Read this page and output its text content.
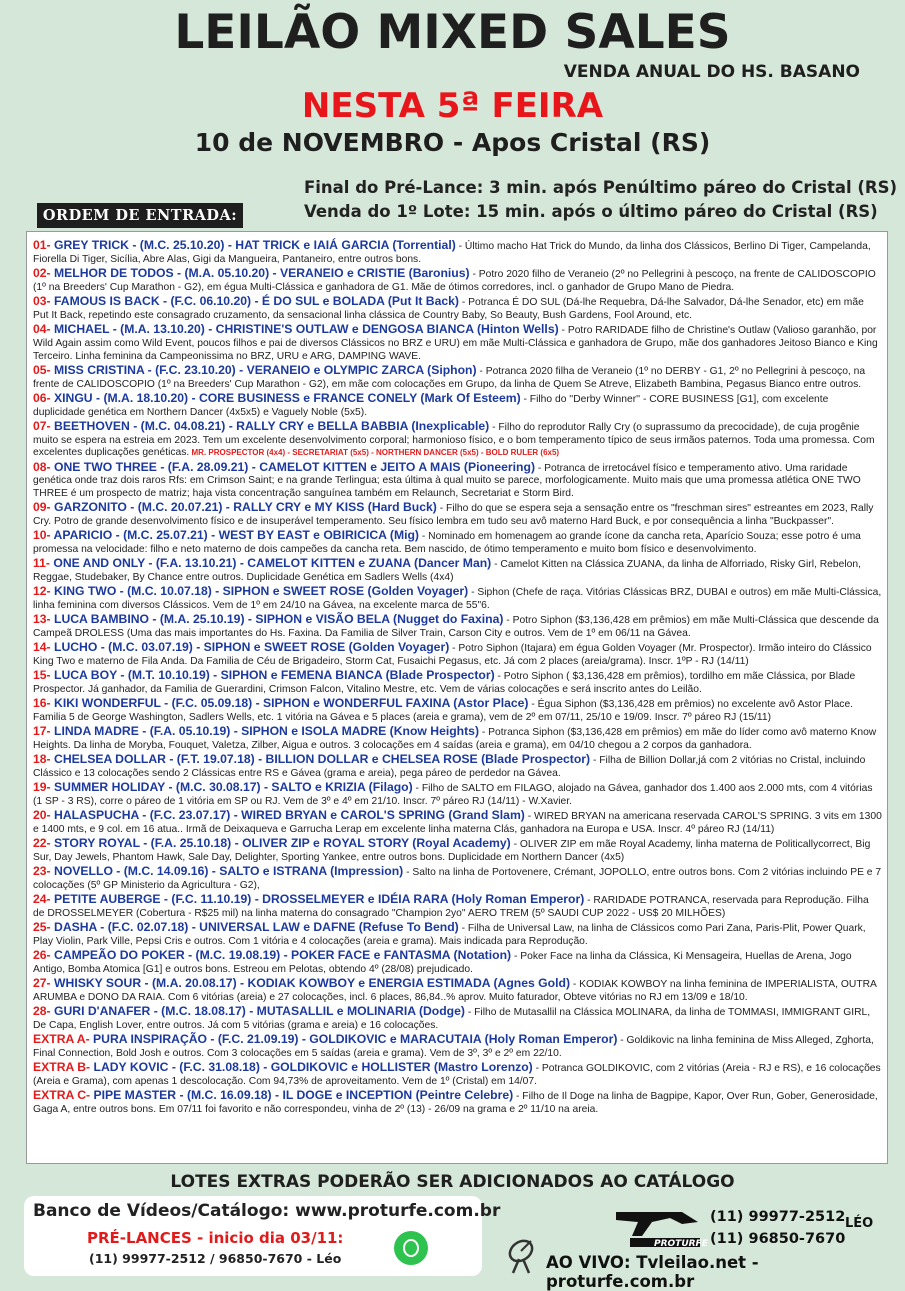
LEILÃO MIXED SALES
VENDA ANUAL DO HS. BASANO
NESTA 5ª FEIRA
10 de NOVEMBRO - Apos Cristal (RS)
Final do Pré-Lance: 3 min. após Penúltimo páreo do Cristal (RS)
Venda do 1º Lote: 15 min. após o último páreo do Cristal (RS)
ORDEM DE ENTRADA:
01- GREY TRICK - (M.C. 25.10.20) - HAT TRICK e IAIÁ GARCIA (Torrential) - Último macho Hat Trick do Mundo, da linha dos Clássicos, Berlino Di Tiger, Campelanda, Fiorella Di Tiger, Sicília, Abre Alas, Gigi da Mangueira, Pantaneiro, entre outros bons.
02- MELHOR DE TODOS - (M.A. 05.10.20) - VERANEIO e CRISTIE (Baronius) - Potro 2020 filho de Veraneio (2º no Pellegrini à pescoço, na frente de CALIDOSCOPIO (1º na Breeders' Cup Marathon - G2), em égua Multi-Clássica e ganhadora de G1. Mãe de ótimos corredores, incl. o ganhador de Grupo Mano de Piedra.
03- FAMOUS IS BACK - (F.C. 06.10.20) - É DO SUL e BOLADA (Put It Back) - Potranca É DO SUL (Dá-lhe Requebra, Dá-lhe Salvador, Dá-lhe Senador, etc) em mãe Put It Back, repetindo este consagrado cruzamento, da sensacional linha clássica de Country Baby, So Beauty, Bush Gardens, Fool Around, etc.
04- MICHAEL - (M.A. 13.10.20) - CHRISTINE'S OUTLAW e DENGOSA BIANCA (Hinton Wells) - Potro RARIDADE filho de Christine's Outlaw (Valioso garanhão, por Wild Again assim como Wild Event, poucos filhos e pai de diversos Clássicos no BRZ e URU) em mãe Multi-Clássica e ganhadora de Grupo, mãe dos ganhadores Jeitoso Bianco e King Terceiro. Linha feminina da Campeonissima no BRZ, URU e ARG, DAMPING WAVE.
05- MISS CRISTINA - (F.C. 23.10.20) - VERANEIO e OLYMPIC ZARCA (Siphon) - Potranca 2020 filha de Veraneio (1º no DERBY - G1, 2º no Pellegrini à pescoço, na frente de CALIDOSCOPIO (1º na Breeders' Cup Marathon - G2), em mãe com colocações em Grupo, da linha de Quem Se Atreve, Elizabeth Bambina, Pegasus Bianco entre outros.
06- XINGU - (M.A. 18.10.20) - CORE BUSINESS e FRANCE CONELY (Mark Of Esteem) - Filho do ''Derby Winner'' - CORE BUSINESS [G1], com excelente duplicidade genética em Northern Dancer (4x5x5) e Vaguely Noble (5x5).
07- BEETHOVEN - (M.C. 04.08.21) - RALLY CRY e BELLA BABBIA (Inexplicable) - Filho do reprodutor Rally Cry (o suprassumo da precocidade), de cuja progênie muito se espera na estreia em 2023. Tem um excelente desenvolvimento corporal; harmonioso físico, e o bom temperamento típico de seus irmãos paternos. Toda uma promessa. Com excelentes duplicações genéticas. MR. PROSPECTOR (4x4) - SECRETARIAT (5x5) - NORTHERN DANCER (5x5) - BOLD RULER (6x5)
08- ONE TWO THREE - (F.A. 28.09.21) - CAMELOT KITTEN e JEITO A MAIS (Pioneering) - Potranca de irretocável físico e temperamento ativo. Uma raridade genética onde traz dois raros Rfs: em Crimson Saint; e na grande Terlingua; esta última à qual muito se parece, morfologicamente. Muito mais que uma promessa atlética ONE TWO THREE é um prospecto de matriz; haja vista concentração sanguínea também em Relaunch, Secretariat e Storm Bird.
09- GARZONITO - (M.C. 20.07.21) - RALLY CRY e MY KISS (Hard Buck) - Filho do que se espera seja a sensação entre os "freschman sires" estreantes em 2023, Rally Cry. Potro de grande desenvolvimento físico e de insuperável temperamento. Seu físico lembra em tudo seu avô materno Hard Buck, e por consequência a linha "Buckpasser".
10- APARICIO - (M.C. 25.07.21) - WEST BY EAST e OBIRICICA (Mig) - Nominado em homenagem ao grande ícone da cancha reta, Aparício Souza; esse potro é uma promessa na velocidade: filho e neto materno de dois campeões da cancha reta. Bem nascido, de ótimo temperamento e muito bom físico e desenvolvimento.
11- ONE AND ONLY - (F.A. 13.10.21) - CAMELOT KITTEN e ZUANA (Dancer Man) - Camelot Kitten na Clássica ZUANA, da linha de Alforriado, Risky Girl, Rebelon, Reggae, Studebaker, By Chance entre outros. Duplicidade Genética em Sadlers Wells (4x4)
12- KING TWO - (M.C. 10.07.18) - SIPHON e SWEET ROSE (Golden Voyager) - Siphon (Chefe de raça. Vitórias Clássicas BRZ, DUBAI e outros) em mãe Multi-Clássica, linha feminina com diversos Clássicos. Vem de 1º em 24/10 na Gávea, na excelente marca de 55"6.
13- LUCA BAMBINO - (M.A. 25.10.19) - SIPHON e VISÃO BELA (Nugget do Faxina) - Potro Siphon ($3,136,428 em prêmios) em mãe Multi-Clássica que descende da Campeã DROLESS (Uma das mais importantes do Hs. Faxina. Da Familia de Silver Train, Carson City e outros. Vem de 1º em 06/11 na Gávea.
14- LUCHO - (M.C. 03.07.19) - SIPHON e SWEET ROSE (Golden Voyager) - Potro Siphon (Itajara) em égua Golden Voyager (Mr. Prospector). Irmão inteiro do Clássico King Two e materno de Fila Anda. Da Familia de Céu de Brigadeiro, Storm Cat, Fusaichi Pegasus, etc. Já com 2 places (areia/grama). Inscr. 1ºP - RJ (14/11)
15- LUCA BOY - (M.T. 10.10.19) - SIPHON e FEMENA BIANCA (Blade Prospector) - Potro Siphon ( $3,136,428 em prêmios), tordilho em mãe Clássica, por Blade Prospector. Já ganhador, da Familia de Guerardini, Crimson Falcon, Vitalino Mestre, etc. Vem de várias colocações e será inscrito antes do Leilão.
16- KIKI WONDERFUL - (F.C. 05.09.18) - SIPHON e WONDERFUL FAXINA (Astor Place) - Égua Siphon ($3,136,428 em prêmios) no excelente avô Astor Place. Familia 5 de George Washington, Sadlers Wells, etc. 1 vitória na Gávea e 5 places (areia e grama), vem de 2º em 07/11, 25/10 e 19/09. Inscr. 7º páreo RJ (15/11)
17- LINDA MADRE - (F.A. 05.10.19) - SIPHON e ISOLA MADRE (Know Heights) - Potranca Siphon ($3,136,428 em prêmios) em mãe do líder como avô materno Know Heights. Da linha de Moryba, Fouquet, Valetza, Zilber, Aigua e outros. 3 colocações em 4 saídas (areia e grama), em 04/10 chegou a 2 corpos da ganhadora.
18- CHELSEA DOLLAR - (F.T. 19.07.18) - BILLION DOLLAR e CHELSEA ROSE (Blade Prospector) - Filha de Billion Dollar,já com 2 vitórias no Cristal, incluindo Clássico e 13 colocações sendo 2 Clássicas entre RS e Gávea (grama e areia), pega páreo de perdedor na Gávea.
19- SUMMER HOLIDAY - (M.C. 30.08.17) - SALTO e KRIZIA (Filago) - Filho de SALTO em FILAGO, alojado na Gávea, ganhador dos 1.400 aos 2.000 mts, com 4 vitórias (1 SP - 3 RS), corre o páreo de 1 vitória em SP ou RJ. Vem de 3º e 4º em 21/10. Inscr. 7º páreo RJ (14/11) - W.Xavier.
20- HALASPUCHA - (F.C. 23.07.17) - WIRED BRYAN e CAROL'S SPRING (Grand Slam) - WIRED BRYAN na americana reservada CAROL'S SPRING. 3 vits em 1300 e 1400 mts, e 9 col. em 16 atua.. Irmã de Deixaqueva e Garrucha Lerap em excelente linha materna Clás, ganhadora na Europa e USA. Inscr. 4º páreo RJ (14/11)
22- STORY ROYAL - (F.A. 25.10.18) - OLIVER ZIP e ROYAL STORY (Royal Academy) - OLIVER ZIP em mãe Royal Academy, linha materna de Politicallycorrect, Big Sur, Day Jewels, Phantom Hawk, Sale Day, Delighter, Sporting Yankee, entre outros bons. Duplicidade em Northern Dancer (4x5)
23- NOVELLO - (M.C. 14.09.16) - SALTO e ISTRANA (Impression) - Salto na linha de Portovenere, Crémant, JOPOLLO, entre outros bons. Com 2 vitórias incluindo PE e 7 colocações (5º GP Ministerio da Agricultura - G2),
24- PETITE AUBERGE - (F.C. 11.10.19) - DROSSELMEYER e IDÉIA RARA (Holy Roman Emperor) - RARIDADE POTRANCA, reservada para Reprodução. Filha de DROSSELMEYER (Cobertura - R$25 mil) na linha materna do consagrado "Champion 2yo" AERO TREM (5º SAUDI CUP 2022 - US$ 20 MILHÕES)
25- DASHA - (F.C. 02.07.18) - UNIVERSAL LAW e DAFNE (Refuse To Bend) - Filha de Universal Law, na linha de Clássicos como Pari Zana, Paris-Plit, Power Quark, Play Violin, Park Ville, Pepsi Cris e outros. Com 1 vitória e 4 colocações (areia e grama). Mais indicada para Reprodução.
26- CAMPEÃO DO POKER - (M.C. 19.08.19) - POKER FACE e FANTASMA (Notation) - Poker Face na linha da Clássica, Ki Mensageira, Huellas de Arena, Jogo Antigo, Bomba Atomica [G1] e outros bons. Estreou em Pelotas, obtendo 4º (28/08) prejudicado.
27- WHISKY SOUR - (M.A. 20.08.17) - KODIAK KOWBOY e ENERGIA ESTIMADA (Agnes Gold) - KODIAK KOWBOY na linha feminina de IMPERIALISTA, OUTRA ARUMBA e DONO DA RAIA. Com 6 vitórias (areia) e 27 colocações, incl. 6 places, 86,84..% aprov. Muito faturador, Obteve vitórias no RJ em 13/09 e 18/10.
28- GURI D'ANAFER - (M.C. 18.08.17) - MUTASALLIL e MOLINARIA (Dodge) - Filho de Mutasallil na Clássica MOLINARA, da linha de TOMMASI, IMMIGRANT GIRL, De Capa, English Lover, entre outros. Já com 5 vitórias (grama e areia) e 16 colocações.
EXTRA A- PURA INSPIRAÇÃO - (F.C. 21.09.19) - GOLDIKOVIC e MARACUTAIA (Holy Roman Emperor) - Goldikovic na linha feminina de Miss Alleged, Zghorta, Final Connection, Bold Josh e outros. Com 3 colocações em 5 saídas (areia e grama). Vem de 3º, 3º e 2º em 22/10.
EXTRA B- LADY KOVIC - (F.C. 31.08.18) - GOLDIKOVIC e HOLLISTER (Mastro Lorenzo) - Potranca GOLDIKOVIC, com 2 vitórias (Areia - RJ e RS), e 16 colocações (Areia e Grama), com apenas 1 descolocação. Com 94,73% de aproveitamento. Vem de 1º (Cristal) em 14/07.
EXTRA C- PIPE MASTER - (M.C. 16.09.18) - IL DOGE e INCEPTION (Peintre Celebre) - Filho de Il Doge na linha de Bagpipe, Kapor, Over Run, Gober, Generosidade, Gaga A, entre outros bons. Em 07/11 foi favorito e não correspondeu, vinha de 2º (13) - 26/09 na grama e 2º 11/10 na areia.
LOTES EXTRAS PODERÃO SER ADICIONADOS AO CATÁLOGO
Banco de Vídeos/Catálogo: www.proturfe.com.br
PRÉ-LANCES - inicio dia 03/11:
(11) 99977-2512 / 96850-7670 - Léo
PROTURFE
(11) 99977-2512
(11) 96850-7670
LÉO
AO VIVO: Tvleilao.net - proturfe.com.br
